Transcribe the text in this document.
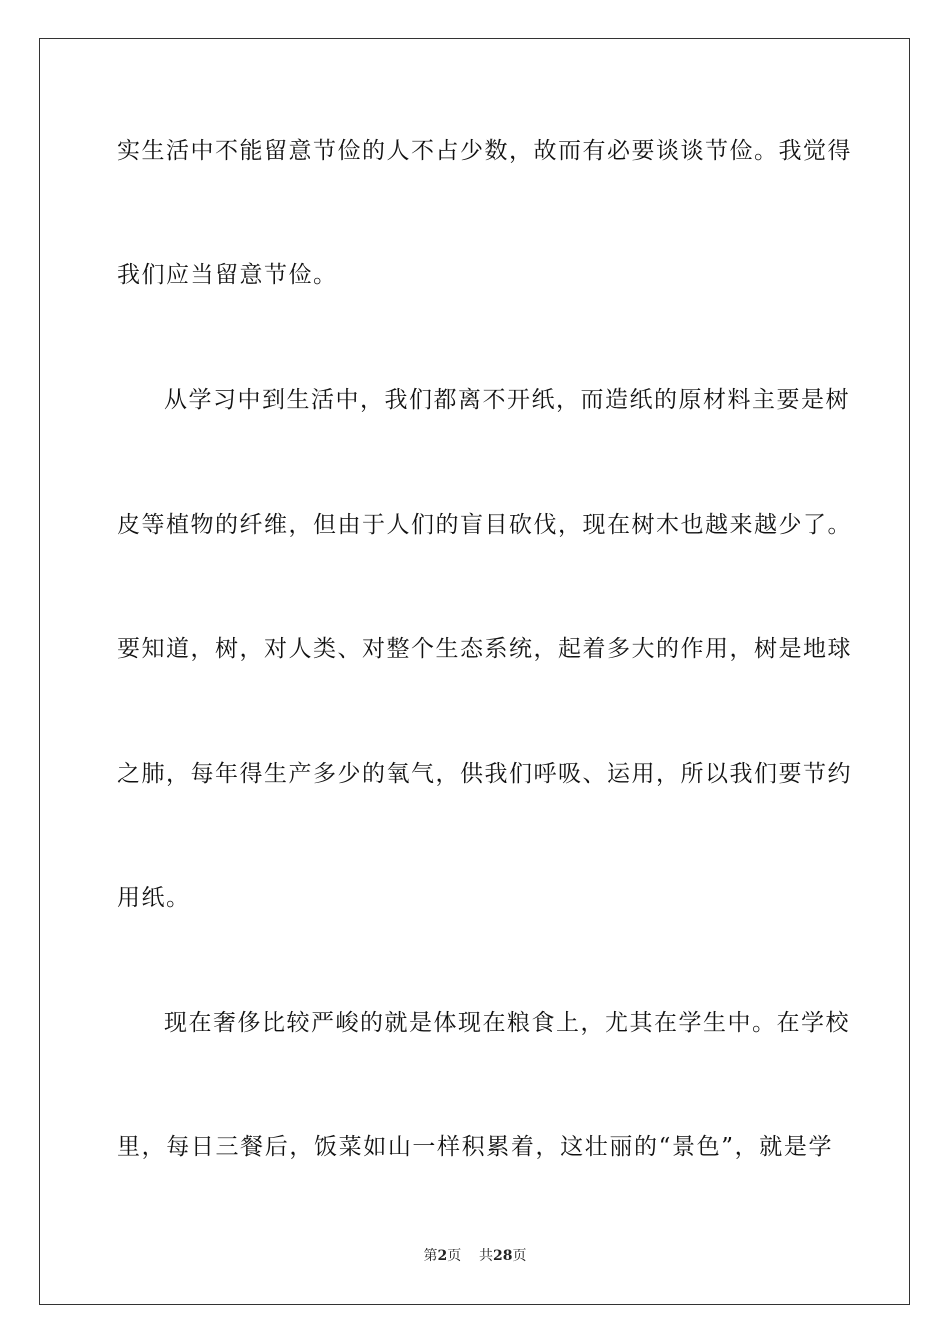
实生活中不能留意节俭的人不占少数，故而有必要谈谈节俭。我觉得
我们应当留意节俭。
从学习中到生活中，我们都离不开纸，而造纸的原材料主要是树
皮等植物的纤维，但由于人们的盲目砍伐，现在树木也越来越少了。
要知道，树，对人类、对整个生态系统，起着多大的作用，树是地球
之肺，每年得生产多少的氧气，供我们呼吸、运用，所以我们要节约
用纸。
现在奢侈比较严峻的就是体现在粮食上，尤其在学生中。在学校
里，每日三餐后，饭菜如山一样积累着，这壮丽的“景色”，就是学
第2页 共28页
